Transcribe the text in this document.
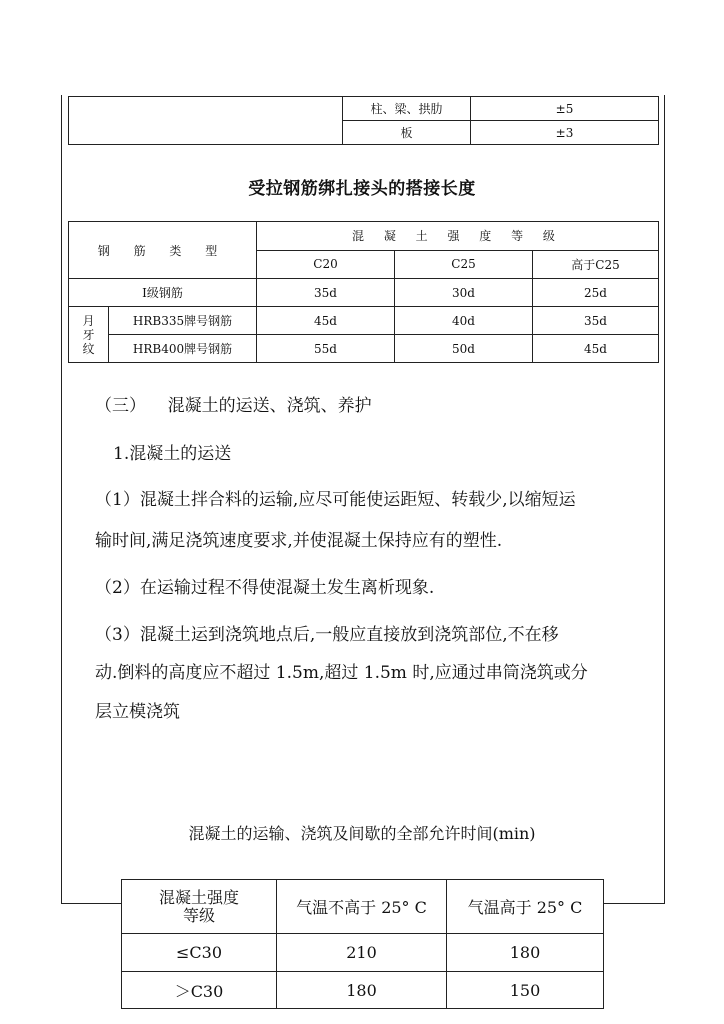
	柱、梁、拱肋	±5
	板	±3
受拉钢筋绑扎接头的搭接长度
钢 筋 类 型		混 凝 土 强 度 等 级		
		C20	C25	高于C25
Ⅰ级钢筋		35d	30d	25d
月
牙
纹	HRB335牌号钢筋	45d	40d	35d
	HRB400牌号钢筋	55d	50d	45d
（三）    混凝土的运送、浇筑、养护
1.混凝土的运送
（1）混凝土拌合料的运输,应尽可能使运距短、转载少,以缩短运
输时间,满足浇筑速度要求,并使混凝土保持应有的塑性.
（2）在运输过程不得使混凝土发生离析现象.
（3）混凝土运到浇筑地点后,一般应直接放到浇筑部位,不在移
动.倒料的高度应不超过 1.5m,超过 1.5m 时,应通过串筒浇筑或分
层立模浇筑
混凝土的运输、浇筑及间歇的全部允许时间(min)
混凝土强度
等级	气温不高于 25° C	气温高于 25° C
≤C30	210	180
＞C30	180	150
